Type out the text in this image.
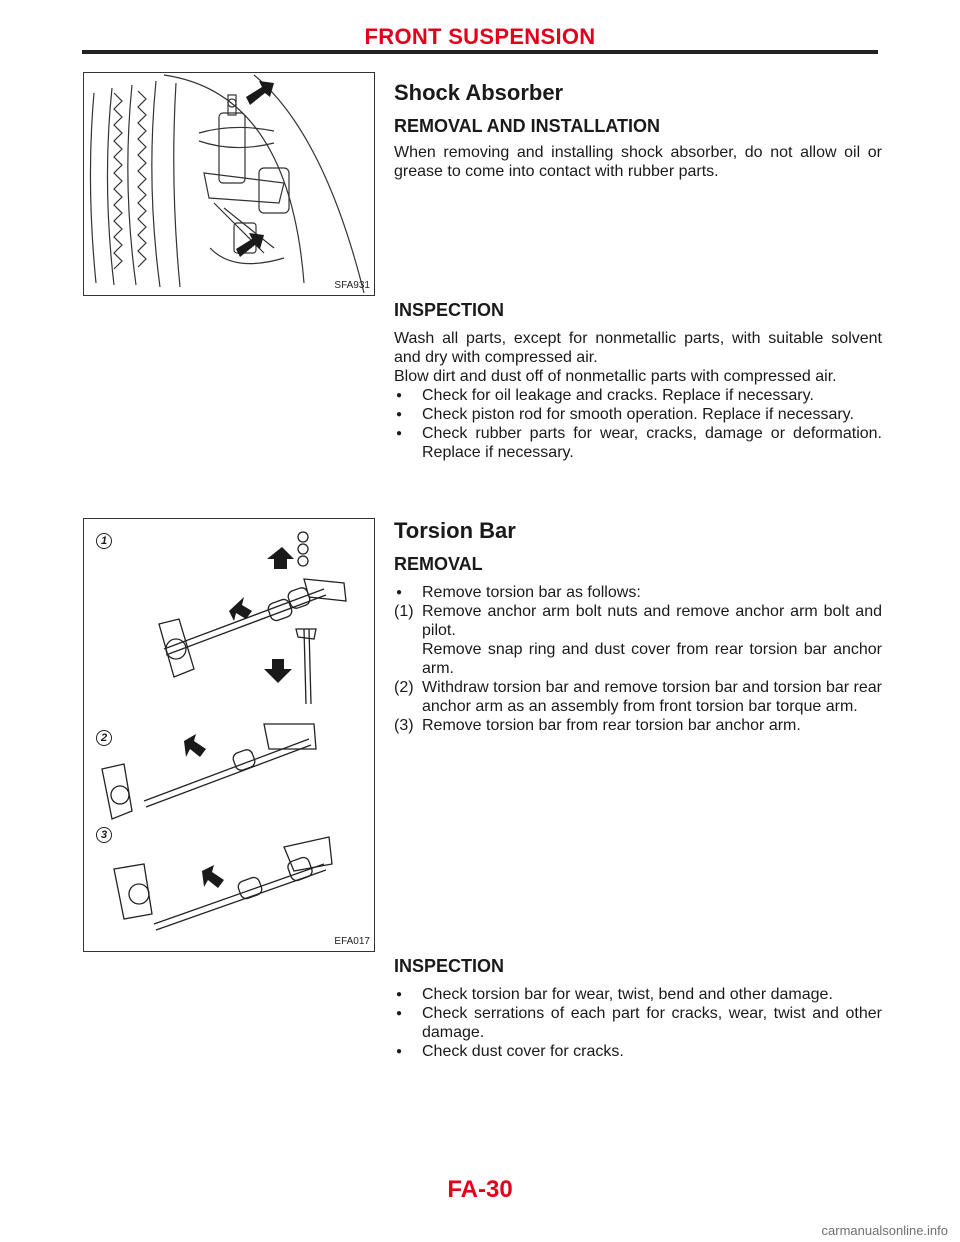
FRONT SUSPENSION
SFA931
1
2
3
EFA017
Shock Absorber
REMOVAL AND INSTALLATION

When removing and installing shock absorber, do not allow oil or grease to come into contact with rubber parts.

INSPECTION

Wash all parts, except for nonmetallic parts, with suitable solvent and dry with compressed air.

Blow dirt and dust off of nonmetallic parts with compressed air.

● Check for oil leakage and cracks. Replace if necessary.
● Check piston rod for smooth operation. Replace if necessary.
● Check rubber parts for wear, cracks, damage or deformation. Replace if necessary.
Torsion Bar
REMOVAL
● Remove torsion bar as follows:
(1) Remove anchor arm bolt nuts and remove anchor arm bolt and pilot.
Remove snap ring and dust cover from rear torsion bar anchor arm.
(2) Withdraw torsion bar and remove torsion bar and torsion bar rear anchor arm as an assembly from front torsion bar torque arm.
(3) Remove torsion bar from rear torsion bar anchor arm.
INSPECTION
● Check torsion bar for wear, twist, bend and other damage.
● Check serrations of each part for cracks, wear, twist and other damage.
● Check dust cover for cracks.
FA-30
carmanualsonline.info
